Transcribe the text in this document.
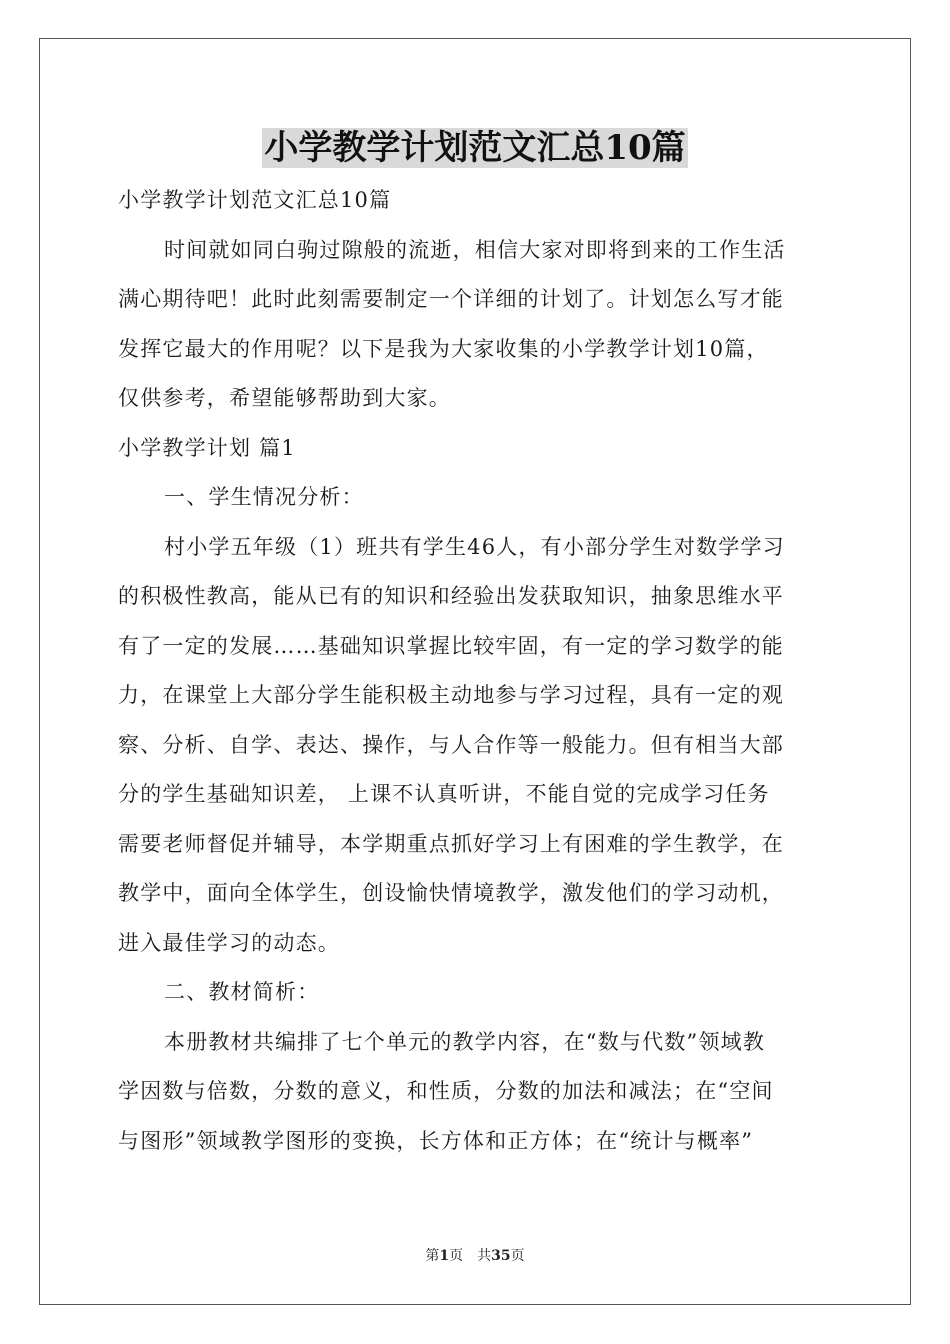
小学教学计划范文汇总10篇
小学教学计划范文汇总10篇
时间就如同白驹过隙般的流逝，相信大家对即将到来的工作生活
满心期待吧！此时此刻需要制定一个详细的计划了。计划怎么写才能
发挥它最大的作用呢？以下是我为大家收集的小学教学计划10篇，
仅供参考，希望能够帮助到大家。
小学教学计划 篇1
一、学生情况分析：
村小学五年级（1）班共有学生46人，有小部分学生对数学学习
的积极性教高，能从已有的知识和经验出发获取知识，抽象思维水平
有了一定的发展……基础知识掌握比较牢固，有一定的学习数学的能
力，在课堂上大部分学生能积极主动地参与学习过程，具有一定的观
察、分析、自学、表达、操作，与人合作等一般能力。但有相当大部
分的学生基础知识差， 上课不认真听讲，不能自觉的完成学习任务
需要老师督促并辅导，本学期重点抓好学习上有困难的学生教学，在
教学中，面向全体学生，创设愉快情境教学，激发他们的学习动机，
进入最佳学习的动态。
二、教材简析：
本册教材共编排了七个单元的教学内容，在“数与代数”领域教
学因数与倍数，分数的意义，和性质，分数的加法和减法；在“空间
与图形”领域教学图形的变换，长方体和正方体；在“统计与概率”
第1页　共35页
